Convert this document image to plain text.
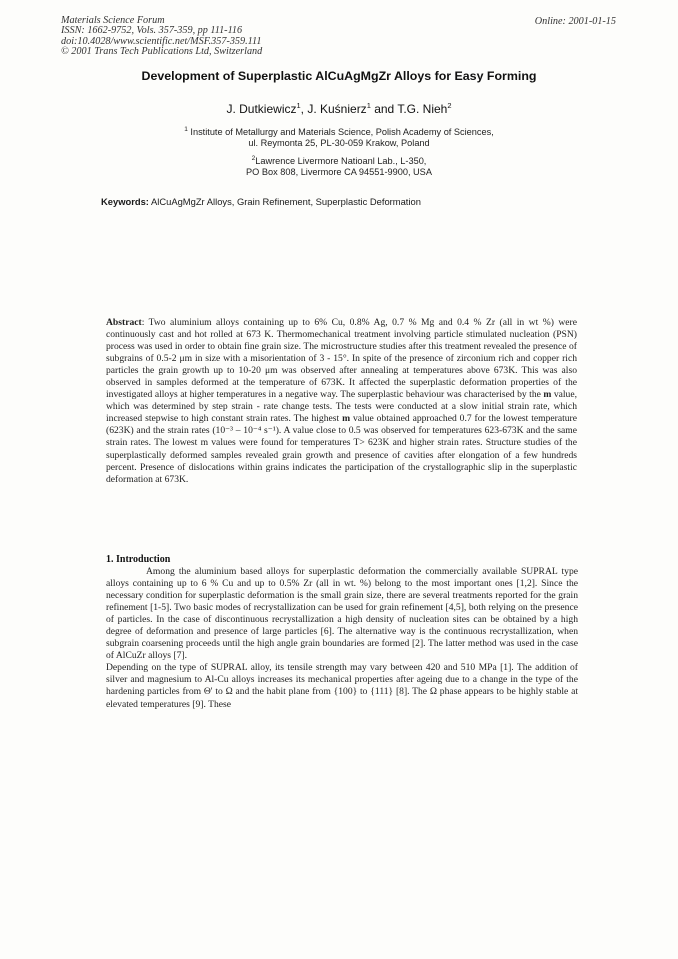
Materials Science Forum
ISSN: 1662-9752, Vols. 357-359, pp 111-116
doi:10.4028/www.scientific.net/MSF.357-359.111
© 2001 Trans Tech Publications Ltd, Switzerland
Online: 2001-01-15
Development of Superplastic AlCuAgMgZr Alloys for Easy Forming
J. Dutkiewicz$^1$, J. Kuśnierz$^1$ and T.G. Nieh$^2$
$^1$ Institute of Metallurgy and Materials Science, Polish Academy of Sciences,
ul. Reymonta 25, PL-30-059 Krakow, Poland
$^2$Lawrence Livermore Natioanl Lab., L-350,
PO Box 808, Livermore CA 94551-9900, USA
Keywords: AlCuAgMgZr Alloys, Grain Refinement, Superplastic Deformation

Abstract: Two aluminium alloys containing up to 6% Cu, 0.8% Ag, 0.7 % Mg and 0.4 % Zr (all in wt %) were continuously cast and hot rolled at 673 K. Thermomechanical treatment involving particle stimulated nucleation (PSN) process was used in order to obtain fine grain size. The microstructure studies after this treatment revealed the presence of subgrains of 0.5-2 μm in size with a misorientation of 3 - 15°. In spite of the presence of zirconium rich and copper rich particles the grain growth up to 10-20 μm was observed after annealing at temperatures above 673K. This was also observed in samples deformed at the temperature of 673K. It affected the superplastic deformation properties of the investigated alloys at higher temperatures in a negative way. The superplastic behaviour was characterised by the m value, which was determined by step strain - rate change tests. The tests were conducted at a slow initial strain rate, which increased stepwise to high constant strain rates. The highest m value obtained approached 0.7 for the lowest temperature (623K) and the strain rates (10⁻³ – 10⁻⁴ s⁻¹). A value close to 0.5 was observed for temperatures 623-673K and the same strain rates. The lowest m values were found for temperatures T> 623K and higher strain rates. Structure studies of the superplastically deformed samples revealed grain growth and presence of cavities after elongation of a few hundreds percent. Presence of dislocations within grains indicates the participation of the crystallographic slip in the superplastic deformation at 673K.

1. Introduction

Among the aluminium based alloys for superplastic deformation the commercially available SUPRAL type alloys containing up to 6 % Cu and up to 0.5% Zr (all in wt. %) belong to the most important ones [1,2]. Since the necessary condition for superplastic deformation is the small grain size, there are several treatments reported for the grain refinement [1-5]. Two basic modes of recrystallization can be used for grain refinement [4,5], both relying on the presence of particles. In the case of discontinuous recrystallization a high density of nucleation sites can be obtained by a high degree of deformation and presence of large particles [6]. The alternative way is the continuous recrystallization, when subgrain coarsening proceeds until the high angle grain boundaries are formed [2]. The latter method was used in the case of AlCuZr alloys [7].

Depending on the type of SUPRAL alloy, its tensile strength may vary between 420 and 510 MPa [1]. The addition of silver and magnesium to Al-Cu alloys increases its mechanical properties after ageing due to a change in the type of the hardening particles from Θ' to Ω and the habit plane from {100} to {111} [8]. The Ω phase appears to be highly stable at elevated temperatures [9]. These
